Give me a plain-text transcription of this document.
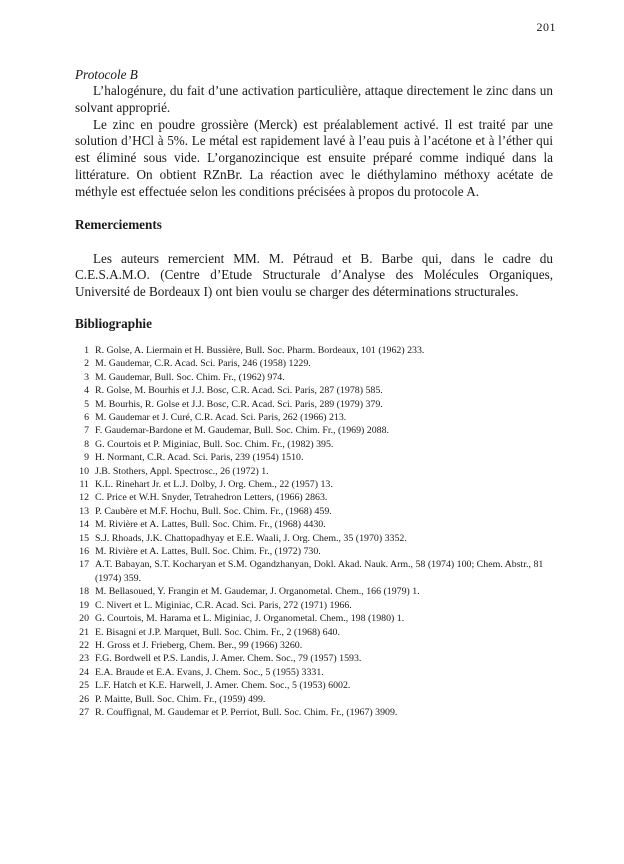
201

Protocole B

L’halogénure, du fait d’une activation particulière, attaque directement le zinc dans un solvant approprié.

Le zinc en poudre grossière (Merck) est préalablement activé. Il est traité par une solution d’HCl à 5%. Le métal est rapidement lavé à l’eau puis à l’acétone et à l’éther qui est éliminé sous vide. L’organozincique est ensuite préparé comme indiqué dans la littérature. On obtient RZnBr. La réaction avec le diéthylamino méthoxy acétate de méthyle est effectuée selon les conditions précisées à propos du protocole A.

Remerciements

Les auteurs remercient MM. M. Pétraud et B. Barbe qui, dans le cadre du C.E.S.A.M.O. (Centre d’Etude Structurale d’Analyse des Molécules Organiques, Université de Bordeaux I) ont bien voulu se charger des déterminations structurales.

Bibliographie
1 R. Golse, A. Liermain et H. Bussière, Bull. Soc. Pharm. Bordeaux, 101 (1962) 233.
2 M. Gaudemar, C.R. Acad. Sci. Paris, 246 (1958) 1229.
3 M. Gaudemar, Bull. Soc. Chim. Fr., (1962) 974.
4 R. Golse, M. Bourhis et J.J. Bosc, C.R. Acad. Sci. Paris, 287 (1978) 585.
5 M. Bourhis, R. Golse et J.J. Bosc, C.R. Acad. Sci. Paris, 289 (1979) 379.
6 M. Gaudemar et J. Curé, C.R. Acad. Sci. Paris, 262 (1966) 213.
7 F. Gaudemar-Bardone et M. Gaudemar, Bull. Soc. Chim. Fr., (1969) 2088.
8 G. Courtois et P. Miginiac, Bull. Soc. Chim. Fr., (1982) 395.
9 H. Normant, C.R. Acad. Sci. Paris, 239 (1954) 1510.
10 J.B. Stothers, Appl. Spectrosc., 26 (1972) 1.
11 K.L. Rinehart Jr. et L.J. Dolby, J. Org. Chem., 22 (1957) 13.
12 C. Price et W.H. Snyder, Tetrahedron Letters, (1966) 2863.
13 P. Caubère et M.F. Hochu, Bull. Soc. Chim. Fr., (1968) 459.
14 M. Rivière et A. Lattes, Bull. Soc. Chim. Fr., (1968) 4430.
15 S.J. Rhoads, J.K. Chattopadhyay et E.E. Waali, J. Org. Chem., 35 (1970) 3352.
16 M. Rivière et A. Lattes, Bull. Soc. Chim. Fr., (1972) 730.
17 A.T. Babayan, S.T. Kocharyan et S.M. Ogandzhanyan, Dokl. Akad. Nauk. Arm., 58 (1974) 100; Chem. Abstr., 81 (1974) 359.
18 M. Bellasoued, Y. Frangin et M. Gaudemar, J. Organometal. Chem., 166 (1979) 1.
19 C. Nivert et L. Miginiac, C.R. Acad. Sci. Paris, 272 (1971) 1966.
20 G. Courtois, M. Harama et L. Miginiac, J. Organometal. Chem., 198 (1980) 1.
21 E. Bisagni et J.P. Marquet, Bull. Soc. Chim. Fr., 2 (1968) 640.
22 H. Gross et J. Frieberg, Chem. Ber., 99 (1966) 3260.
23 F.G. Bordwell et P.S. Landis, J. Amer. Chem. Soc., 79 (1957) 1593.
24 E.A. Braude et E.A. Evans, J. Chem. Soc., 5 (1955) 3331.
25 L.F. Hatch et K.E. Harwell, J. Amer. Chem. Soc., 5 (1953) 6002.
26 P. Maitte, Bull. Soc. Chim. Fr., (1959) 499.
27 R. Couffignal, M. Gaudemar et P. Perriot, Bull. Soc. Chim. Fr., (1967) 3909.
